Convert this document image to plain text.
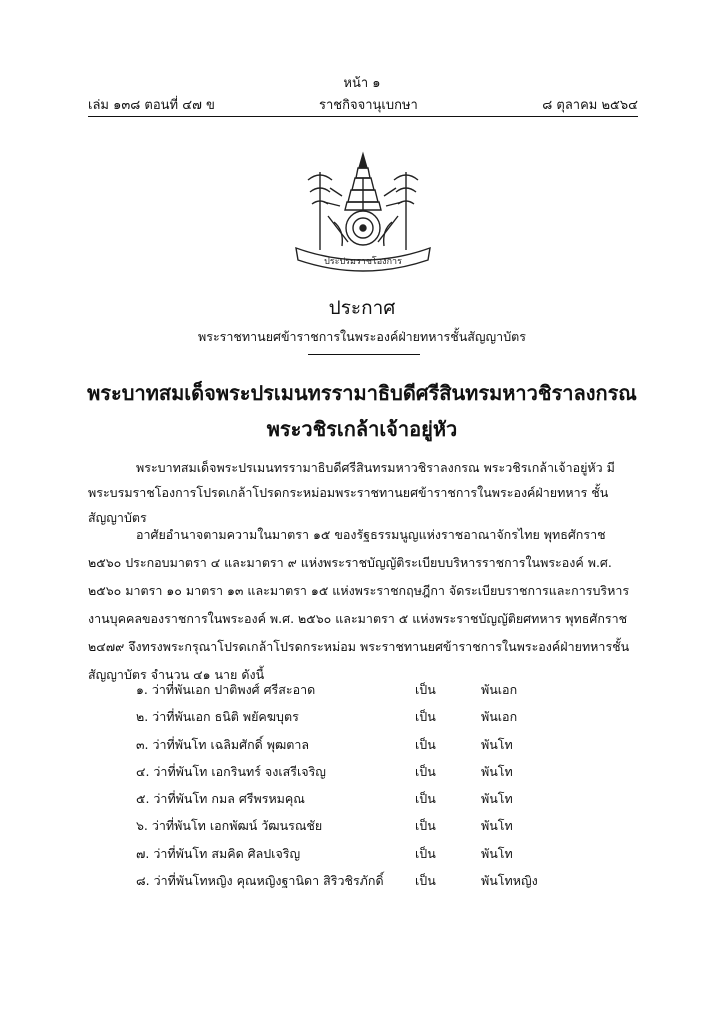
หน้า ๑
เล่ม ๑๓๘ ตอนที่ ๔๗ ข	ราชกิจจานุเบกษา	๘ ตุลาคม ๒๕๖๔
ประปรมราชโองการ
ประกาศ
พระราชทานยศข้าราชการในพระองค์ฝ่ายทหารชั้นสัญญาบัตร
พระบาทสมเด็จพระปรเมนทรรามาธิบดีศรีสินทรมหาวชิราลงกรณ
พระวชิรเกล้าเจ้าอยู่หัว
พระบาทสมเด็จพระปรเมนทรรามาธิบดีศรีสินทรมหาวชิราลงกรณ พระวชิรเกล้าเจ้าอยู่หัว มีพระบรมราชโองการโปรดเกล้าโปรดกระหม่อมพระราชทานยศข้าราชการในพระองค์ฝ่ายทหาร ชั้นสัญญาบัตร
อาศัยอำนาจตามความในมาตรา ๑๕ ของรัฐธรรมนูญแห่งราชอาณาจักรไทย พุทธศักราช ๒๕๖๐ ประกอบมาตรา ๔ และมาตรา ๙ แห่งพระราชบัญญัติระเบียบบริหารราชการในพระองค์ พ.ศ. ๒๕๖๐ มาตรา ๑๐ มาตรา ๑๓ และมาตรา ๑๕ แห่งพระราชกฤษฎีกา จัดระเบียบราชการและการบริหารงานบุคคลของราชการในพระองค์ พ.ศ. ๒๕๖๐ และมาตรา ๕ แห่งพระราชบัญญัติยศทหาร พุทธศักราช ๒๔๗๙ จึงทรงพระกรุณาโปรดเกล้าโปรดกระหม่อม พระราชทานยศข้าราชการในพระองค์ฝ่ายทหารชั้นสัญญาบัตร จำนวน ๔๑ นาย ดังนี้
๑. ว่าที่พันเอก ปาติพงศ์ ศรีสะอาด	เป็น	พันเอก
๒. ว่าที่พันเอก ธนิติ พยัคฆบุตร	เป็น	พันเอก
๓. ว่าที่พันโท เฉลิมศักดิ์ พุฒตาล	เป็น	พันโท
๔. ว่าที่พันโท เอกรินทร์ จงเสรีเจริญ	เป็น	พันโท
๕. ว่าที่พันโท กมล ศรีพรหมคุณ	เป็น	พันโท
๖. ว่าที่พันโท เอกพัฒน์ วัฒนรณชัย	เป็น	พันโท
๗. ว่าที่พันโท สมคิด ศิลปเจริญ	เป็น	พันโท
๘. ว่าที่พันโทหญิง คุณหญิงฐานิดา สิริวชิรภักดิ์	เป็น	พันโทหญิง
